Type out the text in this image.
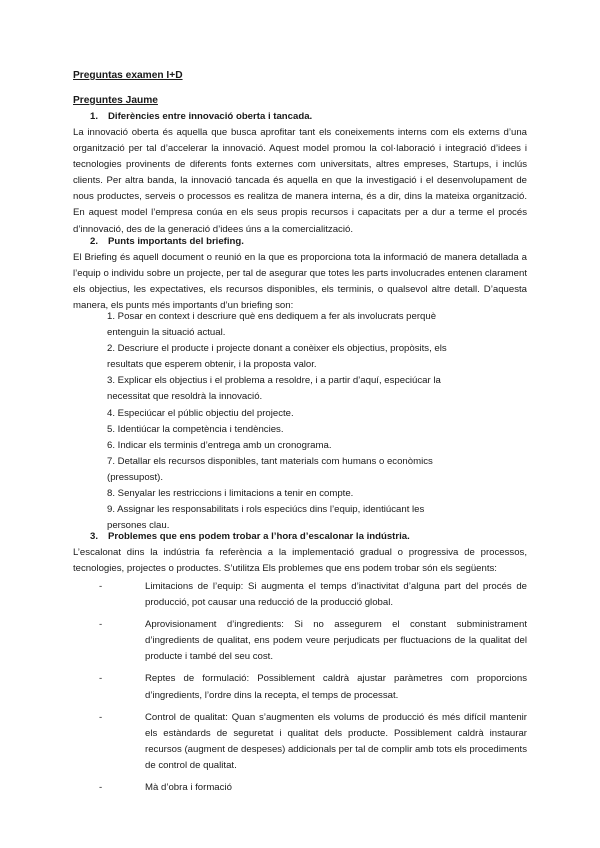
Preguntas examen I+D
Preguntes Jaume
1. Diferències entre innovació oberta i tancada.

La innovació oberta és aquella que busca aprofitar tant els coneixements interns com els externs d’una organització per tal d’accelerar la innovació. Aquest model promou la col·laboració i integració d’idees i tecnologies provinents de diferents fonts externes com universitats, altres empreses, Startups, i inclús clients. Per altra banda, la innovació tancada és aquella en que la investigació i el desenvolupament de nous productes, serveis o processos es realitza de manera interna, és a dir, dins la mateixa organització. En aquest model l’empresa conúa en els seus propis recursos i capacitats per a dur a terme el procés d’innovació, des de la generació d’idees úns a la comercialització.

2. Punts importants del briefing.

El Briefing és aquell document o reunió en la que es proporciona tota la informació de manera detallada a l’equip o individu sobre un projecte, per tal de asegurar que totes les parts involucrades entenen clarament els objectius, les expectatives, els recursos disponibles, els terminis, o qualsevol altre detall. D’aquesta manera, els punts més importants d’un briefing son:

1. Posar en context i descriure què ens dediquem a fer als involucrats perquè
entenguin la situació actual.
2. Descriure el producte i projecte donant a conèixer els objectius, propòsits, els
resultats que esperem obtenir, i la proposta valor.
3. Explicar els objectius i el problema a resoldre, i a partir d’aquí, especiúcar la
necessitat que resoldrà la innovació.
4. Especiúcar el públic objectiu del projecte.
5. Identiúcar la competència i tendències.
6. Indicar els terminis d’entrega amb un cronograma.
7. Detallar els recursos disponibles, tant materials com humans o econòmics
(pressupost).
8. Senyalar les restriccions i limitacions a tenir en compte.
9. Assignar les responsabilitats i rols especiúcs dins l’equip, identiúcant les
persones clau.
3. Problemes que ens podem trobar a l’hora d’escalonar la indústria.

L’escalonat dins la indústria fa referència a la implementació gradual o progressiva de processos, tecnologies, projectes o productes. S’utilitza Els problemes que ens podem trobar són els següents:

-	Limitacions de l’equip: Si augmenta el temps d’inactivitat d’alguna part del procés de producció, pot causar una reducció de la producció global.
-	Aprovisionament d’ingredients: Si no assegurem el constant subministrament d’ingredients de qualitat, ens podem veure perjudicats per fluctuacions de la qualitat del producte i també del seu cost.
-	Reptes de formulació: Possiblement caldrà ajustar paràmetres com proporcions d’ingredients, l’ordre dins la recepta, el temps de processat.
-	Control de qualitat: Quan s’augmenten els volums de producció és més difícil mantenir els estàndards de seguretat i qualitat dels producte. Possiblement caldrà instaurar recursos (augment de despeses) addicionals per tal de complir amb tots els procediments de control de qualitat.
-	Mà d’obra i formació
